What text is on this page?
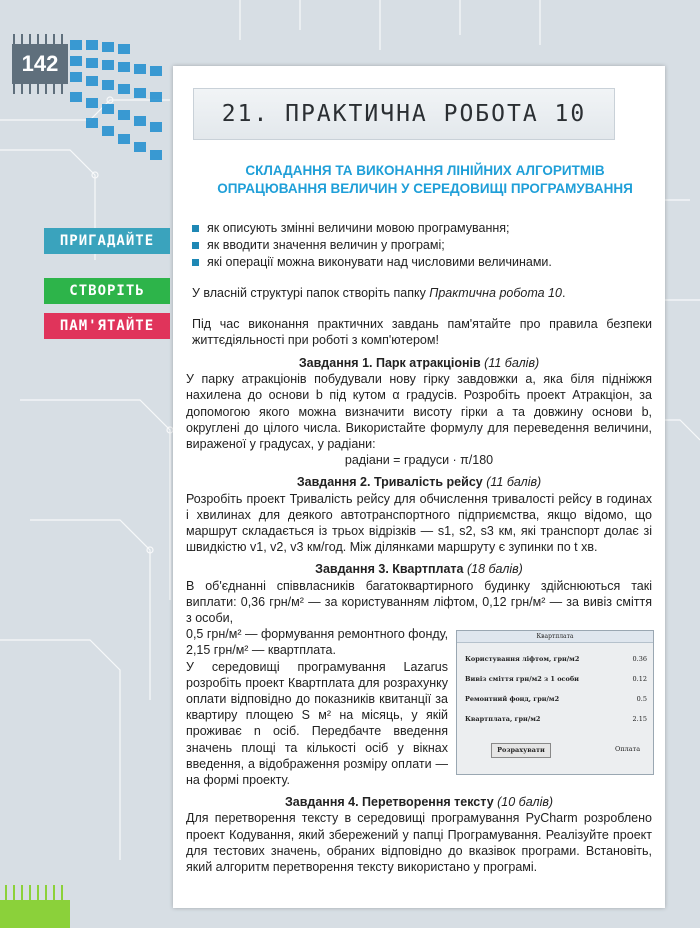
142
21. ПРАКТИЧНА РОБОТА 10
СКЛАДАННЯ ТА ВИКОНАННЯ ЛІНІЙНИХ АЛГОРИТМІВ ОПРАЦЮВАННЯ ВЕЛИЧИН У СЕРЕДОВИЩІ ПРОГРАМУВАННЯ
ПРИГАДАЙТЕ
СТВОРІТЬ
ПАМ'ЯТАЙТЕ
як описують змінні величини мовою програмування;
як вводити значення величин у програмі;
які операції можна виконувати над числовими величинами.
У власній структурі папок створіть папку Практична робота 10.
Під час виконання практичних завдань пам'ятайте про правила безпеки життєдіяльності при роботі з комп'ютером!

Завдання 1. Парк атракціонів (11 балів)

У парку атракціонів побудували нову гірку завдовжки a, яка біля підніжжя нахилена до основи b під кутом α градусів. Розробіть проект Атракціон, за допомогою якого можна визначити висоту гірки a та довжину основи b, округлені до цілого числа. Використайте формулу для переведення величини, вираженої у градусах, у радіани:

радіани = градуси · π/180

Завдання 2. Тривалість рейсу (11 балів)

Розробіть проект Тривалість рейсу для обчислення тривалості рейсу в годинах і хвилинах для деякого автотранспортного підприємства, якщо відомо, що маршрут складається із трьох відрізків — s1, s2, s3 км, які транспорт долає зі швидкістю v1, v2, v3 км/год. Між ділянками маршруту є зупинки по t хв.

Завдання 3. Квартплата (18 балів)

В об'єднанні співвласників багатоквартирного будинку здійснюються такі виплати: 0,36 грн/м² — за користуванням ліфтом, 0,12 грн/м² — за вивіз сміття з особи,

0,5 грн/м² — формування ремонтного фонду,

2,15 грн/м² — квартплата.

У середовищі програмування Lazarus розробіть проект Квартплата для розрахунку оплати відповідно до показників квитанції за квартиру площею S м² на місяць, у якій проживає n осіб. Передбачте введення значень площі та кількості осіб у вікнах введення, а відображення розміру оплати — на формі проекту.

Завдання 4. Перетворення тексту (10 балів)

Для перетворення тексту в середовищі програмування PyCharm розроблено проект Кодування, який збережений у папці Програмування. Реалізуйте проект для тестових значень, обраних відповідно до вказівок програми. Встановіть, який алгоритм перетворення тексту використано у програмі.

Квартплата
Користування ліфтом, грн/м2	0.36
Вивіз сміття грн/м2 з 1 особи	0.12
Ремонтний фонд, грн/м2	0.5
Квартплата, грн/м2	2.15
Розрахувати	Оплата
